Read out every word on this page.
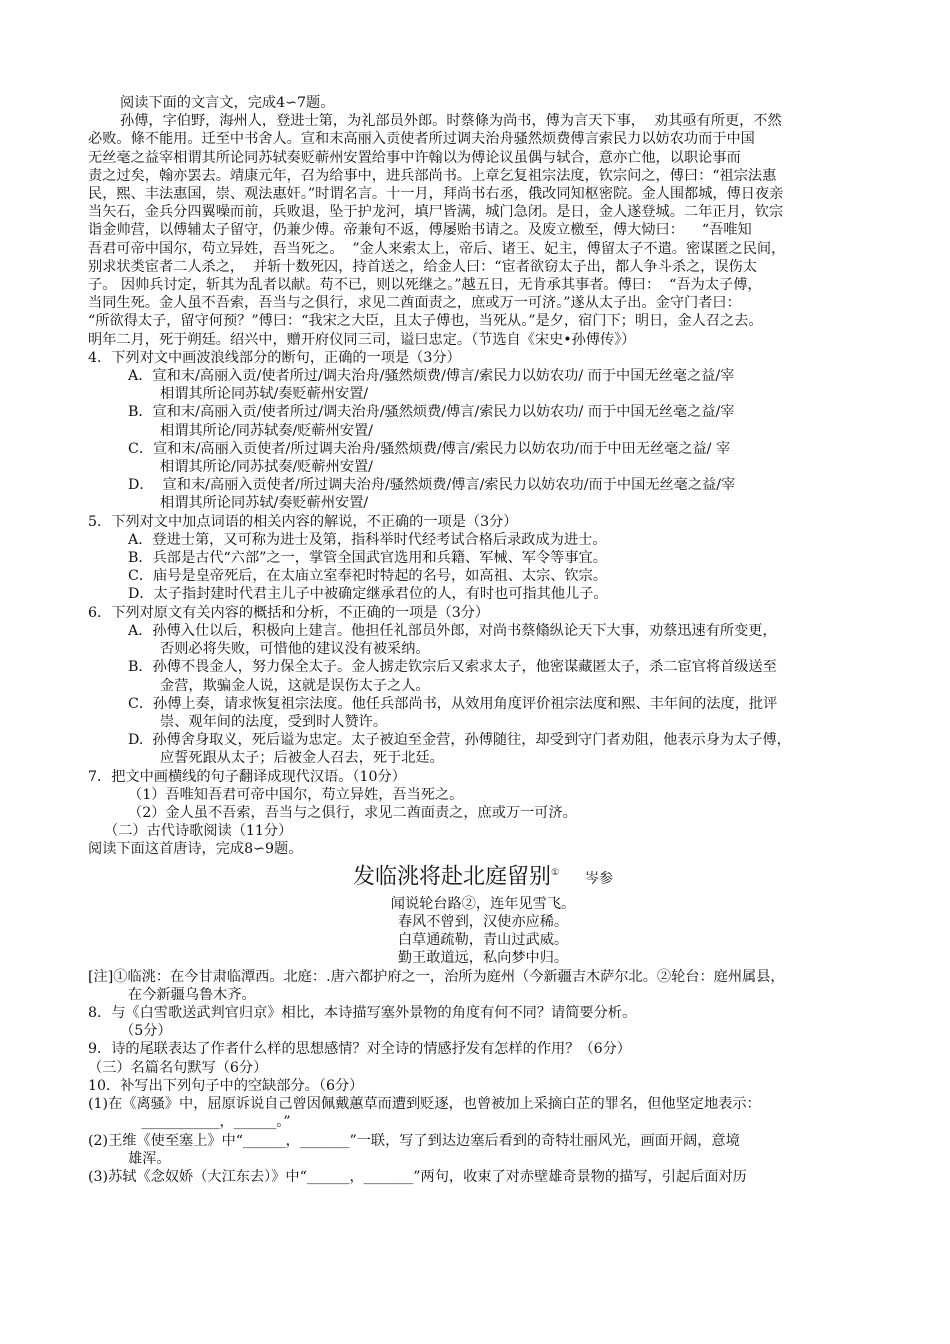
阅读下面的文言文，完成4∽7题。
孙傅，字伯野，海州人，登进士第，为礼部员外郎。时蔡條为尚书，傅为言天下事，  劝其亟有所更，不然
必败。條不能用。迁至中书舍人。宣和末高丽入贡使者所过调夫治舟骚然烦费傅言索民力以妨农功而于中国
无丝毫之益宰相谓其所论同苏轼奏贬蕲州安置给事中许翰以为傅论议虽偶与轼合，意亦亡他，以职论事而
责之过矣，翰亦罢去。靖康元年，召为给事中，进兵部尚书。上章乞复祖宗法度，钦宗问之，傅曰：“祖宗法惠
民，熙、丰法惠国，崇、观法惠奸。”时谓名言。十一月，拜尚书右丞，俄改同知枢密院。金人围都城，傅日夜亲
当矢石，金兵分四翼噪而前，兵败退，坠于护龙河，填尸皆满，城门急闭。是日，金人遂登城。二年正月，钦宗
诣金帅营，以傅辅太子留守，仍兼少傅。帝兼旬不返，傅屡贻书请之。及废立檄至，傅大恸曰：    “吾唯知
吾君可帝中国尔，苟立异姓，吾当死之。  ”金人来索太上，帝后、诸王、妃主，傅留太子不遣。密谋匿之民间，
别求状类宦者二人杀之，  并斩十数死囚，持首送之，给金人曰：“宦者欲窃太子出，都人争斗杀之，误伤太
子。 因帅兵讨定，斩其为乱者以献。苟不已，则以死继之。”越五日，无肯承其事者。傅曰：  “吾为太子傅，
当同生死。金人虽不吾索，吾当与之俱行，求见二酋面责之，庶或万一可济。”遂从太子出。金守门者曰：
“所欲得太子，留守何预？”傅曰：“我宋之大臣，且太子傅也，当死从。”是夕，宿门下；明日，金人召之去。
明年二月，死于朔廷。绍兴中，赠开府仪同三司，谥曰忠定。（节选自《宋史•孙傅传》）
4．下列对文中画波浪线部分的断句，正确的一项是（3分）
A．宣和末/高丽入贡/使者所过/调夫治舟/骚然烦费/傅言/索民力以妨农功/ 而于中国无丝毫之益/宰
相谓其所论同苏轼/奏贬蕲州安置/
B．宣和末/高丽入贡/使者所过/调夫治舟/骚然烦费/傅言/索民力以妨农功/ 而于中国无丝毫之益/宰
相谓其所论/同苏轼奏/贬蕲州安置/
C．宣和末/高丽入贡使者/所过调夫治舟/骚然烦费/傅言/索民力以妨农功/而于中田无丝毫之益/ 宰
相谓其所论/同苏拭奏/贬蕲州安置/
D．  宣和末/高丽入贡使者/所过调夫治舟/骚然烦费/傅言/索民力以妨农功/而于中国无丝毫之益/宰
相谓其所论同苏轼/奏贬蕲州安置/
5．下列对文中加点词语的相关内容的解说，不正确的一项是（3分）
A．登进士第，又可称为进士及第，指科举时代经考试合格后录政成为进士。
B．兵部是古代“六部”之一，掌管全国武官选用和兵籍、军械、军令等事宜。
C．庙号是皇帝死后，在太庙立室奉祀时特起的名号，如高祖、太宗、钦宗。
D．太子指封建时代君主儿子中被确定继承君位的人，有时也可指其他儿子。
6．下列对原文有关内容的概括和分析，不正确的一项是（3分）
A．孙傅入仕以后，积极向上建言。他担任礼部员外郎，对尚书蔡翛纵论天下大事，劝蔡迅速有所变更，
否则必将失败，可惜他的建议没有被采纳。
B．孙傅不畏金人，努力保全太子。金人掳走钦宗后又索求太子，他密谋藏匿太子，杀二宦官将首级送至
金营，欺骗金人说，这就是误伤太子之人。
C．孙傅上奏，请求恢复祖宗法度。他任兵部尚书，从效用角度评价祖宗法度和熙、丰年间的法度，批评
崇、观年间的法度，受到时人赞许。
D.  孙傅舍身取义，死后谥为忠定。太子被迫至金营，孙傅随往，却受到守门者劝阻，他表示身为太子傅，
应誓死跟从太子；后被金人召去，死于北廷。
7．把文中画横线的句子翻译成现代汉语。（10分）
（1）吾唯知吾君可帝中国尔，苟立异姓，吾当死之。
（2）金人虽不吾索，吾当与之俱行，求见二酋面责之，庶或万一可济。
（二）古代诗歌阅读（11分）
阅读下面这首唐诗，完成8∽9题。
发临洮将赴北庭留别① 岑参
闻说轮台路②，连年见雪飞。
春风不曾到，汉使亦应稀。
白草通疏勒，青山过武威。
勤王敢道远，私向梦中归。
[注]①临洮：在今甘肃临潭西。北庭：.唐六都护府之一，治所为庭州（今新疆吉木萨尔北。②轮台：庭州属县，
在今新疆乌鲁木齐。
8．与《白雪歌送武判官归京》相比，本诗描写塞外景物的角度有何不同？请简要分析。
（5分）
9．诗的尾联表达了作者什么样的思想感情？对全诗的情感抒发有怎样的作用？（6分）
（三）名篇名句默写（6分）
10．补写出下列句子中的空缺部分。（6分）
(1)在《离骚》中，屈原诉说自己曾因佩戴蕙草而遭到贬逐，也曾被加上采摘白芷的罪名，但他坚定地表示：
___________，______。”
(2)王维《使至塞上》中“______，_______”一联，写了到达边塞后看到的奇特壮丽风光，画面开阔，意境
雄浑。
(3)苏轼《念奴娇（大江东去）》中“______，_______”两句，收束了对赤壁雄奇景物的描写，引起后面对历
